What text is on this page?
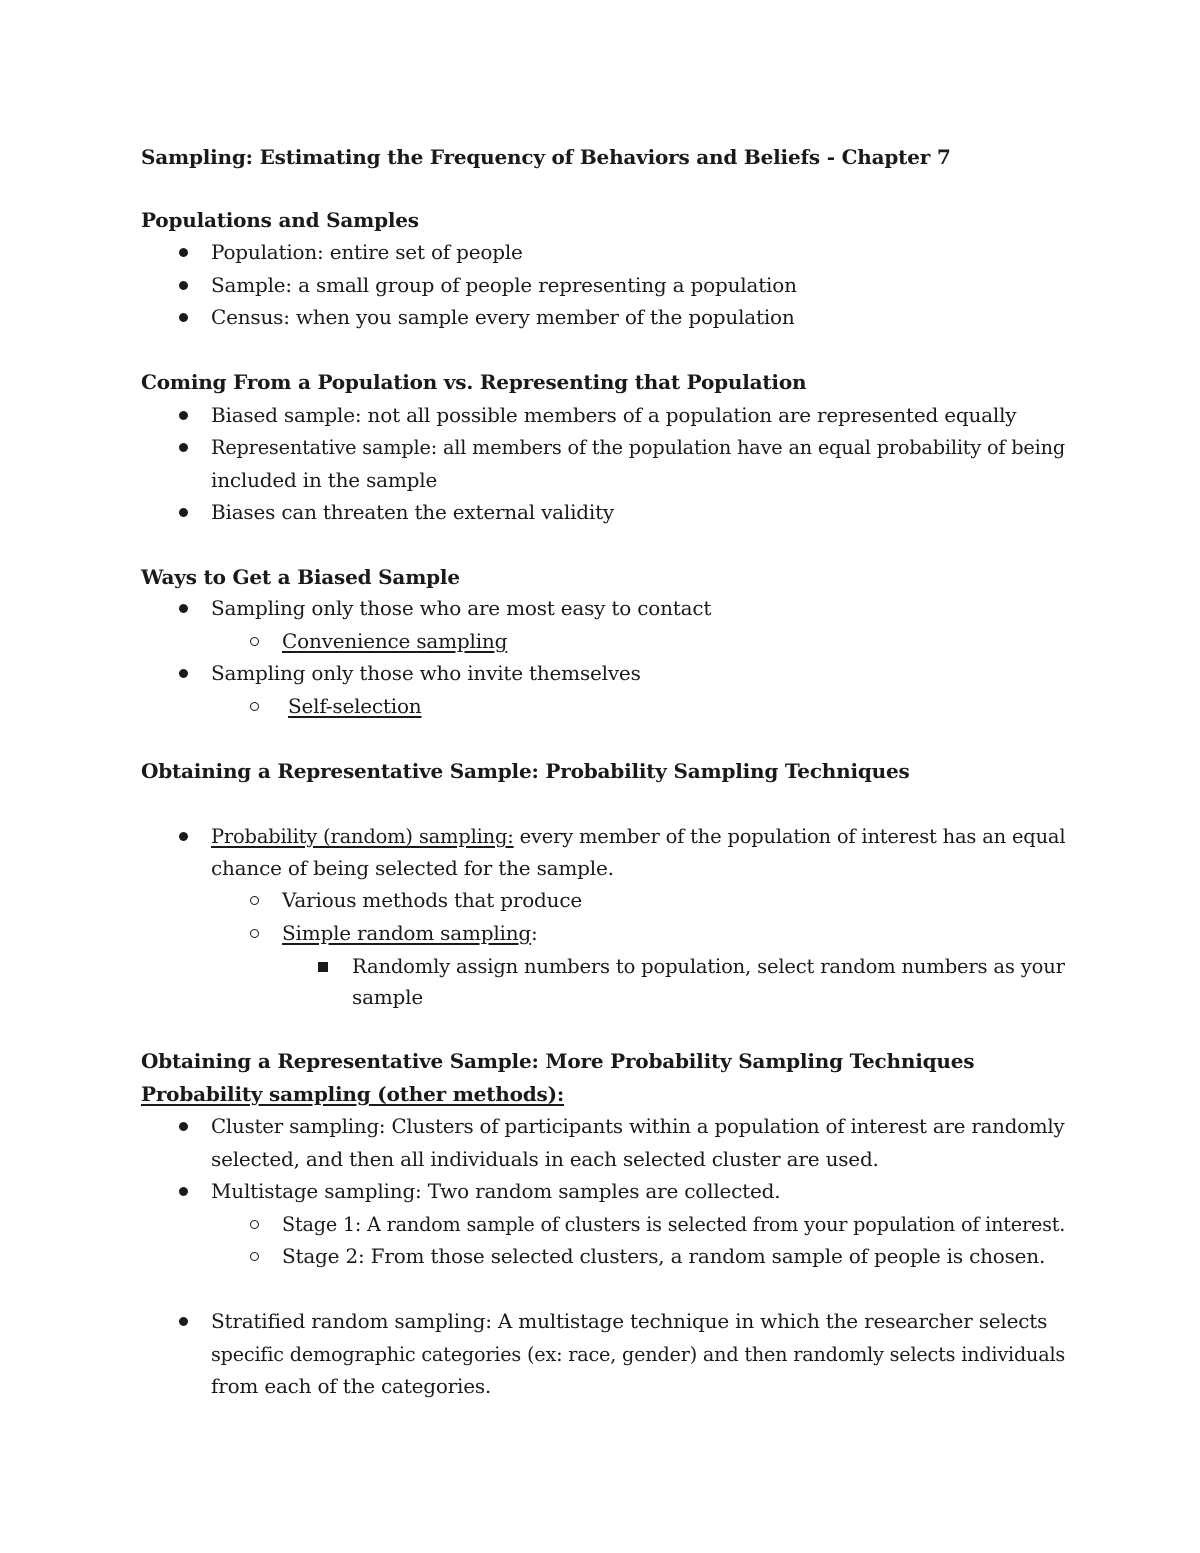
Sampling: Estimating the Frequency of Behaviors and Beliefs - Chapter 7
Populations and Samples
Population: entire set of people
Sample: a small group of people representing a population
Census: when you sample every member of the population
Coming From a Population vs. Representing that Population
Biased sample: not all possible members of a population are represented equally
Representative sample: all members of the population have an equal probability of being
included in the sample
Biases can threaten the external validity
Ways to Get a Biased Sample
Sampling only those who are most easy to contact
Convenience sampling
Sampling only those who invite themselves
Self-selection
Obtaining a Representative Sample: Probability Sampling Techniques
Probability (random) sampling: every member of the population of interest has an equal
chance of being selected for the sample.
Various methods that produce
Simple random sampling:
Randomly assign numbers to population, select random numbers as your
sample
Obtaining a Representative Sample: More Probability Sampling Techniques
Probability sampling (other methods):
Cluster sampling: Clusters of participants within a population of interest are randomly
selected, and then all individuals in each selected cluster are used.
Multistage sampling: Two random samples are collected.
Stage 1: A random sample of clusters is selected from your population of interest.
Stage 2: From those selected clusters, a random sample of people is chosen.
Stratified random sampling: A multistage technique in which the researcher selects
specific demographic categories (ex: race, gender) and then randomly selects individuals
from each of the categories.
